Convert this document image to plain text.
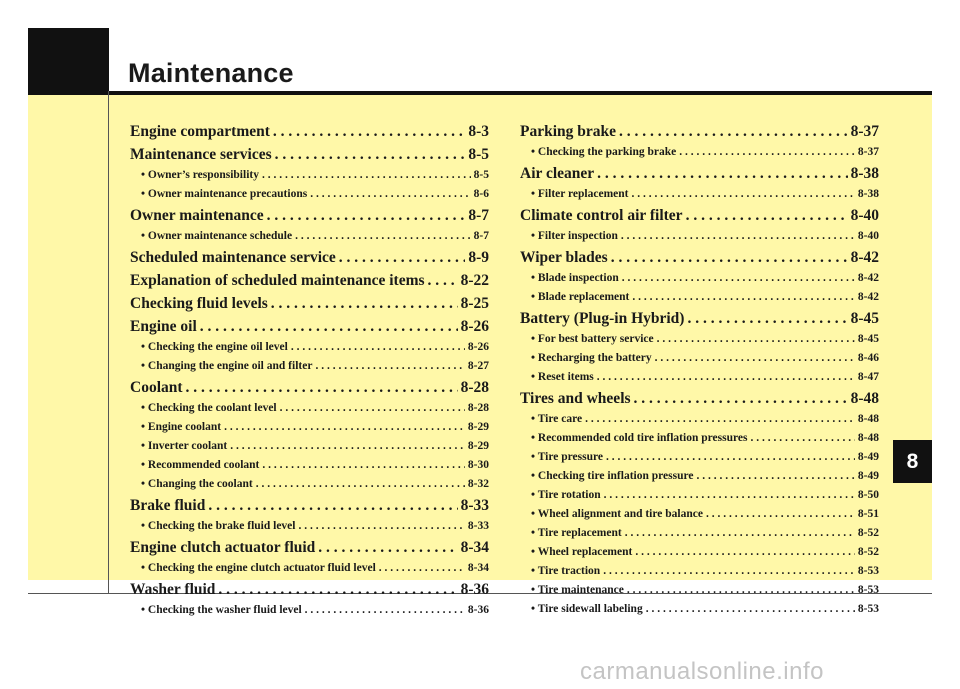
Maintenance
Engine compartment . . .	8-3
Maintenance services . . .	8-5
• Owner’s responsibility . . .	8-5
• Owner maintenance precautions . . .	8-6
Owner maintenance . . .	8-7
• Owner maintenance schedule . . .	8-7
Scheduled maintenance service . . .	8-9
Explanation of scheduled maintenance items . . . 8-22
Checking fluid levels . . .	8-25
Engine oil . . .	8-26
• Checking the engine oil level . . .	8-26
• Changing the engine oil and filter . . .	8-27
Coolant . . .	8-28
• Checking the coolant level . . .	8-28
• Engine coolant . . .	8-29
• Inverter coolant . . .	8-29
• Recommended coolant . . .	8-30
• Changing the coolant . . .	8-32
Brake fluid . . .	8-33
• Checking the brake fluid level . . .	8-33
Engine clutch actuator fluid . . .	8-34
• Checking the engine clutch actuator fluid level . . .	8-34
Washer fluid . . .	8-36
• Checking the washer fluid level . . .	8-36
Parking brake . . .	8-37
• Checking the parking brake . . .	8-37
Air cleaner . . .	8-38
• Filter replacement . . .	8-38
Climate control air filter . . .	8-40
• Filter inspection . . .	8-40
Wiper blades . . .	8-42
• Blade inspection . . .	8-42
• Blade replacement . . .	8-42
Battery (Plug-in Hybrid) . . .	8-45
• For best battery service . . .	8-45
• Recharging the battery . . .	8-46
• Reset items . . .	8-47
Tires and wheels . . .	8-48
• Tire care . . .	8-48
• Recommended cold tire inflation pressures . . .	8-48
• Tire pressure . . .	8-49
• Checking tire inflation pressure . . .	8-49
• Tire rotation . . .	8-50
• Wheel alignment and tire balance . . .	8-51
• Tire replacement . . .	8-52
• Wheel replacement . . .	8-52
• Tire traction . . .	8-53
• Tire maintenance . . .	8-53
• Tire sidewall labeling . . .	8-53
8
carmanualsonline.info
